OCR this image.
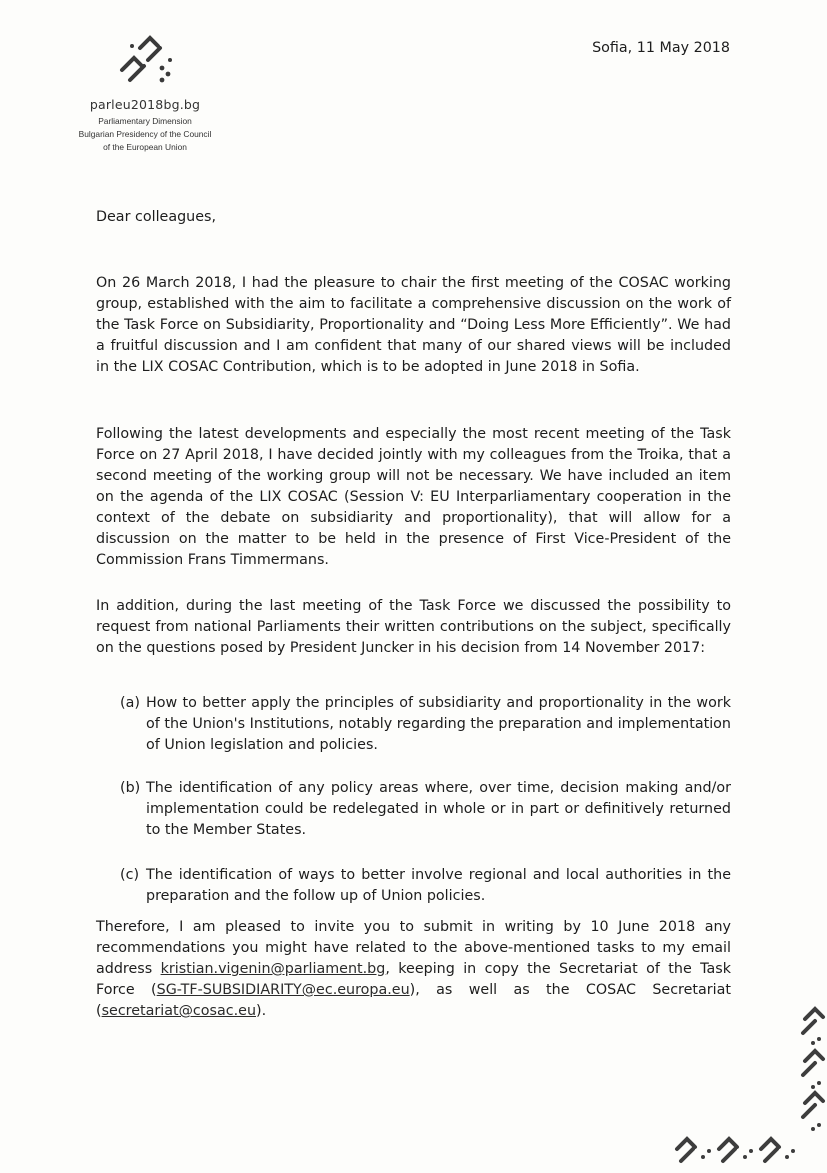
parleu2018bg.bg
Parliamentary Dimension
Bulgarian Presidency of the Council
of the European Union
Sofia, 11 May 2018
Dear colleagues,

On 26 March 2018, I had the pleasure to chair the first meeting of the COSAC working group, established with the aim to facilitate a comprehensive discussion on the work of the Task Force on Subsidiarity, Proportionality and “Doing Less More Efficiently”. We had a fruitful discussion and I am confident that many of our shared views will be included in the LIX COSAC Contribution, which is to be adopted in June 2018 in Sofia.

Following the latest developments and especially the most recent meeting of the Task Force on 27 April 2018, I have decided jointly with my colleagues from the Troika, that a second meeting of the working group will not be necessary. We have included an item on the agenda of the LIX COSAC (Session V: EU Interparliamentary cooperation in the context of the debate on subsidiarity and proportionality), that will allow for a discussion on the matter to be held in the presence of First Vice-President of the Commission Frans Timmermans.

In addition, during the last meeting of the Task Force we discussed the possibility to request from national Parliaments their written contributions on the subject, specifically on the questions posed by President Juncker in his decision from 14 November 2017:

(a) How to better apply the principles of subsidiarity and proportionality in the work of the Union's Institutions, notably regarding the preparation and implementation of Union legislation and policies.
(b) The identification of any policy areas where, over time, decision making and/or implementation could be redelegated in whole or in part or definitively returned to the Member States.
(c) The identification of ways to better involve regional and local authorities in the preparation and the follow up of Union policies.

Therefore, I am pleased to invite you to submit in writing by 10 June 2018 any recommendations you might have related to the above-mentioned tasks to my email address kristian.vigenin@parliament.bg, keeping in copy the Secretariat of the Task Force (SG-TF-SUBSIDIARITY@ec.europa.eu), as well as the COSAC Secretariat (secretariat@cosac.eu).
